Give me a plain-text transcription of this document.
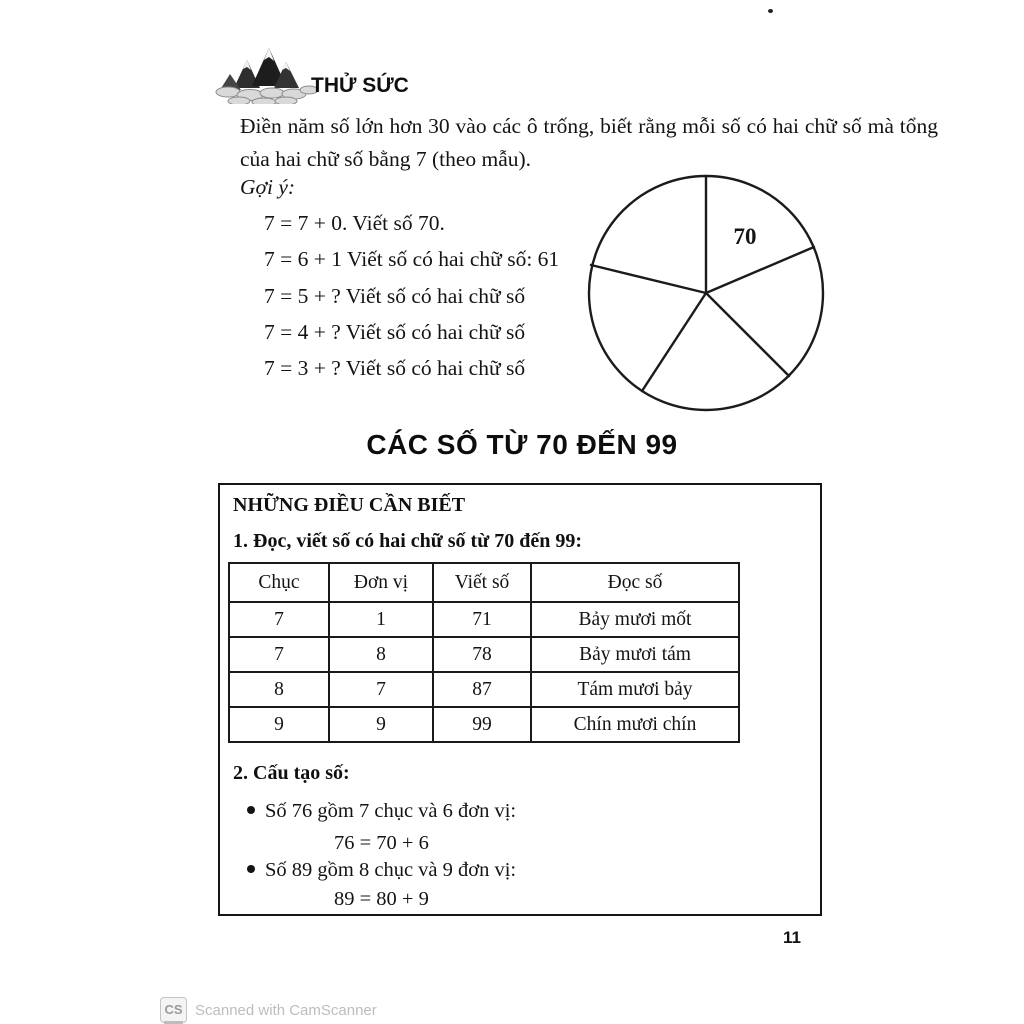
THỬ SỨC
Điền năm số lớn hơn 30 vào các ô trống, biết rằng mỗi số có hai chữ số mà tổng của hai chữ số bằng 7 (theo mẫu).
Gợi ý:
7 = 7 + 0. Viết số 70.
7 = 6 + 1 Viết số có hai chữ số: 61
7 = 5 + ? Viết số có hai chữ số
7 = 4 + ? Viết số có hai chữ số
7 = 3 + ? Viết số có hai chữ số
70
CÁC SỐ TỪ 70 ĐẾN 99
NHỮNG ĐIỀU CẦN BIẾT
1. Đọc, viết số có hai chữ số từ 70 đến 99:
Chục	Đơn vị	Viết số	Đọc số
7	1	71	Bảy mươi mốt
7	8	78	Bảy mươi tám
8	7	87	Tám mươi bảy
9	9	99	Chín mươi chín
2. Cấu tạo số:
Số 76 gồm 7 chục và 6 đơn vị:
76 = 70 + 6
Số 89 gồm 8 chục và 9 đơn vị:
89 = 80 + 9
11
CS Scanned with CamScanner
